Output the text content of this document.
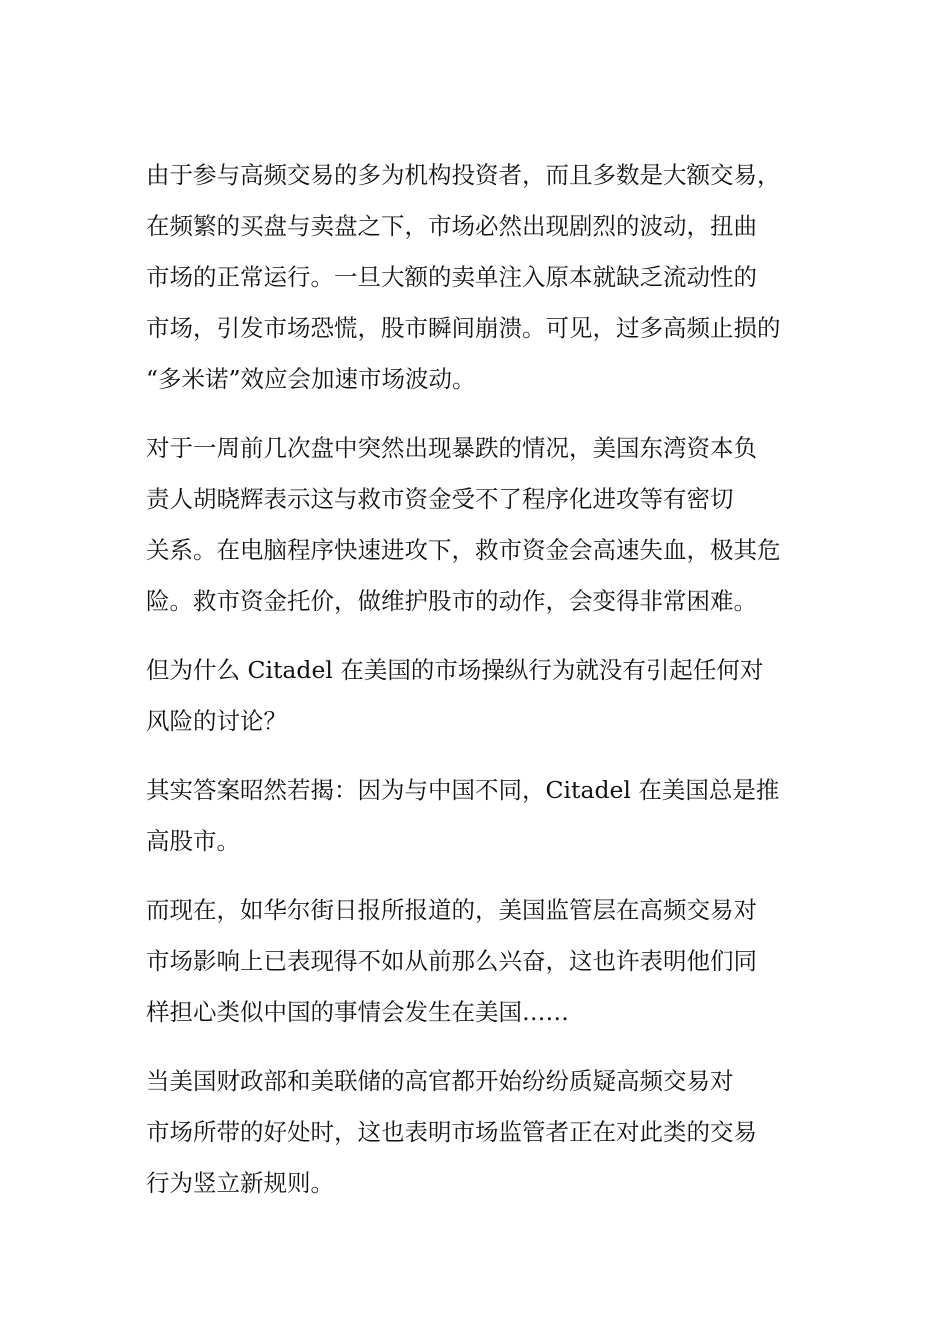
由于参与高频交易的多为机构投资者，而且多数是大额交易，
在频繁的买盘与卖盘之下，市场必然出现剧烈的波动，扭曲
市场的正常运行。一旦大额的卖单注入原本就缺乏流动性的
市场，引发市场恐慌，股市瞬间崩溃。可见，过多高频止损的
“多米诺”效应会加速市场波动。

对于一周前几次盘中突然出现暴跌的情况，美国东湾资本负
责人胡晓辉表示这与救市资金受不了程序化进攻等有密切
关系。在电脑程序快速进攻下，救市资金会高速失血，极其危
险。救市资金托价，做维护股市的动作，会变得非常困难。

但为什么 Citadel 在美国的市场操纵行为就没有引起任何对
风险的讨论？

其实答案昭然若揭：因为与中国不同，Citadel 在美国总是推
高股市。

而现在，如华尔街日报所报道的，美国监管层在高频交易对
市场影响上已表现得不如从前那么兴奋，这也许表明他们同
样担心类似中国的事情会发生在美国……

当美国财政部和美联储的高官都开始纷纷质疑高频交易对
市场所带的好处时，这也表明市场监管者正在对此类的交易
行为竖立新规则。
